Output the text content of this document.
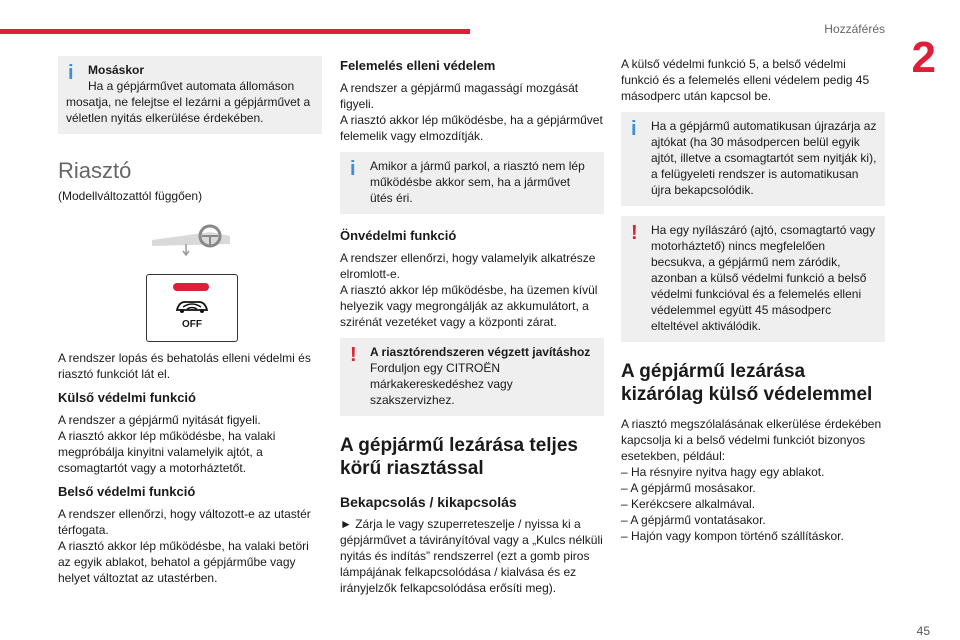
Hozzáférés
2
45
i	Mosáskor
Ha a gépjárművet automata állomáson mosatja, ne felejtse el lezárni a gépjárművet a véletlen nyitás elkerülése érdekében.
Riasztó

(Modellváltozattól függően)

OFF

A rendszer lopás és behatolás elleni védelmi és riasztó funkciót lát el.

Külső védelmi funkció

A rendszer a gépjármű nyitását figyeli.

A riasztó akkor lép működésbe, ha valaki megpróbálja kinyitni valamelyik ajtót, a csomagtartót vagy a motorháztetőt.

Belső védelmi funkció

A rendszer ellenőrzi, hogy változott-e az utastér térfogata.

A riasztó akkor lép működésbe, ha valaki betöri az egyik ablakot, behatol a gépjárműbe vagy helyet változtat az utastérben.

Felemelés elleni védelem

A rendszer a gépjármű magasságí mozgását figyeli.

A riasztó akkor lép működésbe, ha a gépjárművet felemelik vagy elmozdítják.

i	Amikor a jármű parkol, a riasztó nem lép működésbe akkor sem, ha a járművet ütés éri.
Önvédelmi funkció

A rendszer ellenőrzi, hogy valamelyik alkatrésze elromlott-e.

A riasztó akkor lép működésbe, ha üzemen kívül helyezik vagy megrongálják az akkumulátort, a szirénát vezetéket vagy a központi zárat.

!	A riasztórendszeren végzett javításhoz
Forduljon egy CITROËN márkakereskedéshez vagy szakszervizhez.
A gépjármű lezárása teljes körű riasztással
Bekapcsolás / kikapcsolás

► Zárja le vagy szuperreteszelje / nyissa ki a gépjárművet a távirányítóval vagy a „Kulcs nélküli nyitás és indítás” rendszerrel (ezt a gomb piros lámpájának felkapcsolódása / kialvása és ez irányjelzők felkapcsolódása erősíti meg).

A külső védelmi funkció 5, a belső védelmi funkció és a felemelés elleni védelem pedig 45 másodperc után kapcsol be.

i	Ha a gépjármű automatikusan újrazárja az ajtókat (ha 30 másodpercen belül egyik ajtót, illetve a csomagtartót sem nyitják ki), a felügyeleti rendszer is automatikusan újra bekapcsolódik.
!	Ha egy nyílászáró (ajtó, csomagtartó vagy motorháztető) nincs megfelelően becsukva, a gépjármű nem záródik, azonban a külső védelmi funkció a belső védelmi funkcióval és a felemelés elleni védelemmel együtt 45 másodperc elteltével aktiválódik.
A gépjármű lezárása kizárólag külső védelemmel

A riasztó megszólalásának elkerülése érdekében kapcsolja ki a belső védelmi funkciót bizonyos esetekben, például:

– Ha résnyire nyitva hagy egy ablakot.
– A gépjármű mosásakor.
– Kerékcsere alkalmával.
– A gépjármű vontatásakor.
– Hajón vagy kompon történő szállításkor.
